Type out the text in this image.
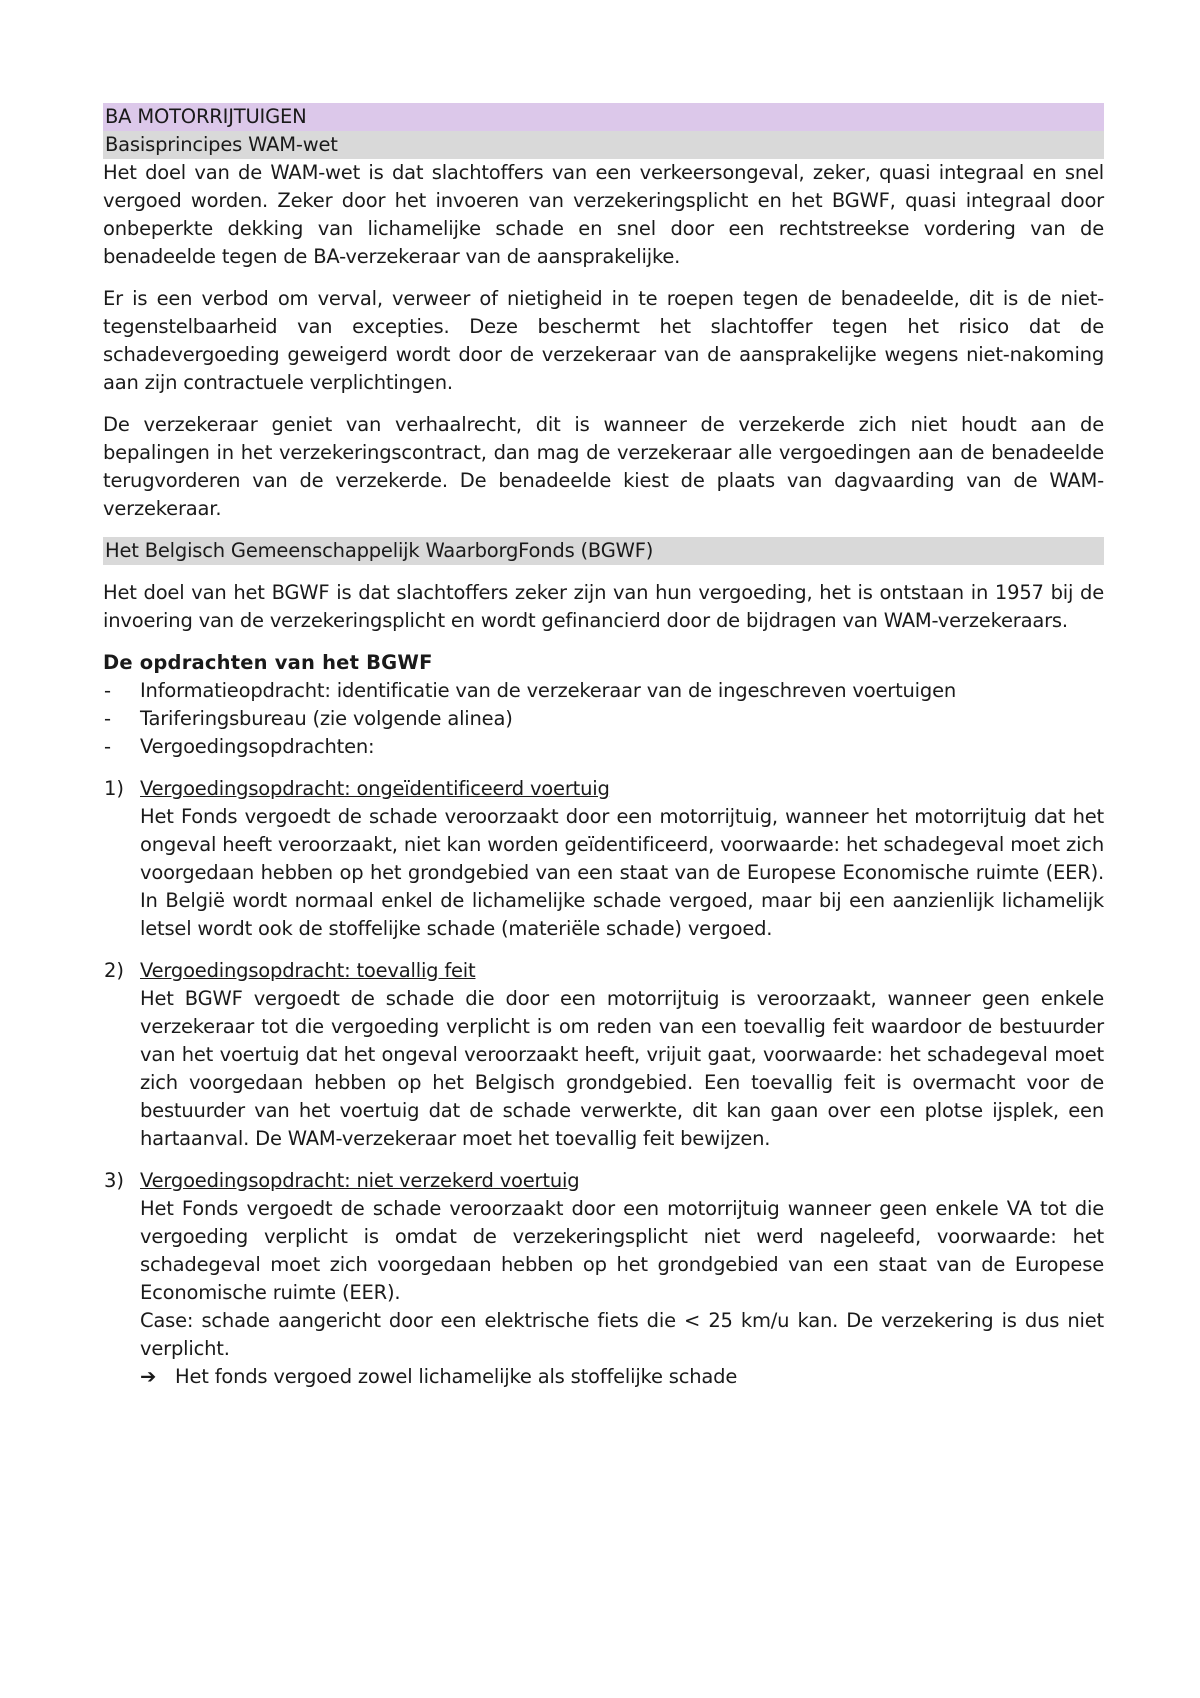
BA MOTORRIJTUIGEN
Basisprincipes WAM-wet

Het doel van de WAM-wet is dat slachtoffers van een verkeersongeval, zeker, quasi integraal en snel vergoed worden. Zeker door het invoeren van verzekeringsplicht en het BGWF, quasi integraal door onbeperkte dekking van lichamelijke schade en snel door een rechtstreekse vordering van de benadeelde tegen de BA-verzekeraar van de aansprakelijke.

Er is een verbod om verval, verweer of nietigheid in te roepen tegen de benadeelde, dit is de niet-tegenstelbaarheid van excepties. Deze beschermt het slachtoffer tegen het risico dat de schadevergoeding geweigerd wordt door de verzekeraar van de aansprakelijke wegens niet-nakoming aan zijn contractuele verplichtingen.

De verzekeraar geniet van verhaalrecht, dit is wanneer de verzekerde zich niet houdt aan de bepalingen in het verzekeringscontract, dan mag de verzekeraar alle vergoedingen aan de benadeelde terugvorderen van de verzekerde. De benadeelde kiest de plaats van dagvaarding van de WAM-verzekeraar.

Het Belgisch Gemeenschappelijk WaarborgFonds (BGWF)

Het doel van het BGWF is dat slachtoffers zeker zijn van hun vergoeding, het is ontstaan in 1957 bij de invoering van de verzekeringsplicht en wordt gefinancierd door de bijdragen van WAM-verzekeraars.

De opdrachten van het BGWF

- Informatieopdracht: identificatie van de verzekeraar van de ingeschreven voertuigen
- Tariferingsbureau (zie volgende alinea)
- Vergoedingsopdrachten:
1) Vergoedingsopdracht: ongeïdentificeerd voertuig

Het Fonds vergoedt de schade veroorzaakt door een motorrijtuig, wanneer het motorrijtuig dat het ongeval heeft veroorzaakt, niet kan worden geïdentificeerd, voorwaarde: het schadegeval moet zich voorgedaan hebben op het grondgebied van een staat van de Europese Economische ruimte (EER). In België wordt normaal enkel de lichamelijke schade vergoed, maar bij een aanzienlijk lichamelijk letsel wordt ook de stoffelijke schade (materiële schade) vergoed.

2) Vergoedingsopdracht: toevallig feit

Het BGWF vergoedt de schade die door een motorrijtuig is veroorzaakt, wanneer geen enkele verzekeraar tot die vergoeding verplicht is om reden van een toevallig feit waardoor de bestuurder van het voertuig dat het ongeval veroorzaakt heeft, vrijuit gaat, voorwaarde: het schadegeval moet zich voorgedaan hebben op het Belgisch grondgebied. Een toevallig feit is overmacht voor de bestuurder van het voertuig dat de schade verwerkte, dit kan gaan over een plotse ijsplek, een hartaanval. De WAM-verzekeraar moet het toevallig feit bewijzen.

3) Vergoedingsopdracht: niet verzekerd voertuig

Het Fonds vergoedt de schade veroorzaakt door een motorrijtuig wanneer geen enkele VA tot die vergoeding verplicht is omdat de verzekeringsplicht niet werd nageleefd, voorwaarde: het schadegeval moet zich voorgedaan hebben op het grondgebied van een staat van de Europese Economische ruimte (EER).

Case: schade aangericht door een elektrische fiets die < 25 km/u kan. De verzekering is dus niet verplicht.

➔ Het fonds vergoed zowel lichamelijke als stoffelijke schade
